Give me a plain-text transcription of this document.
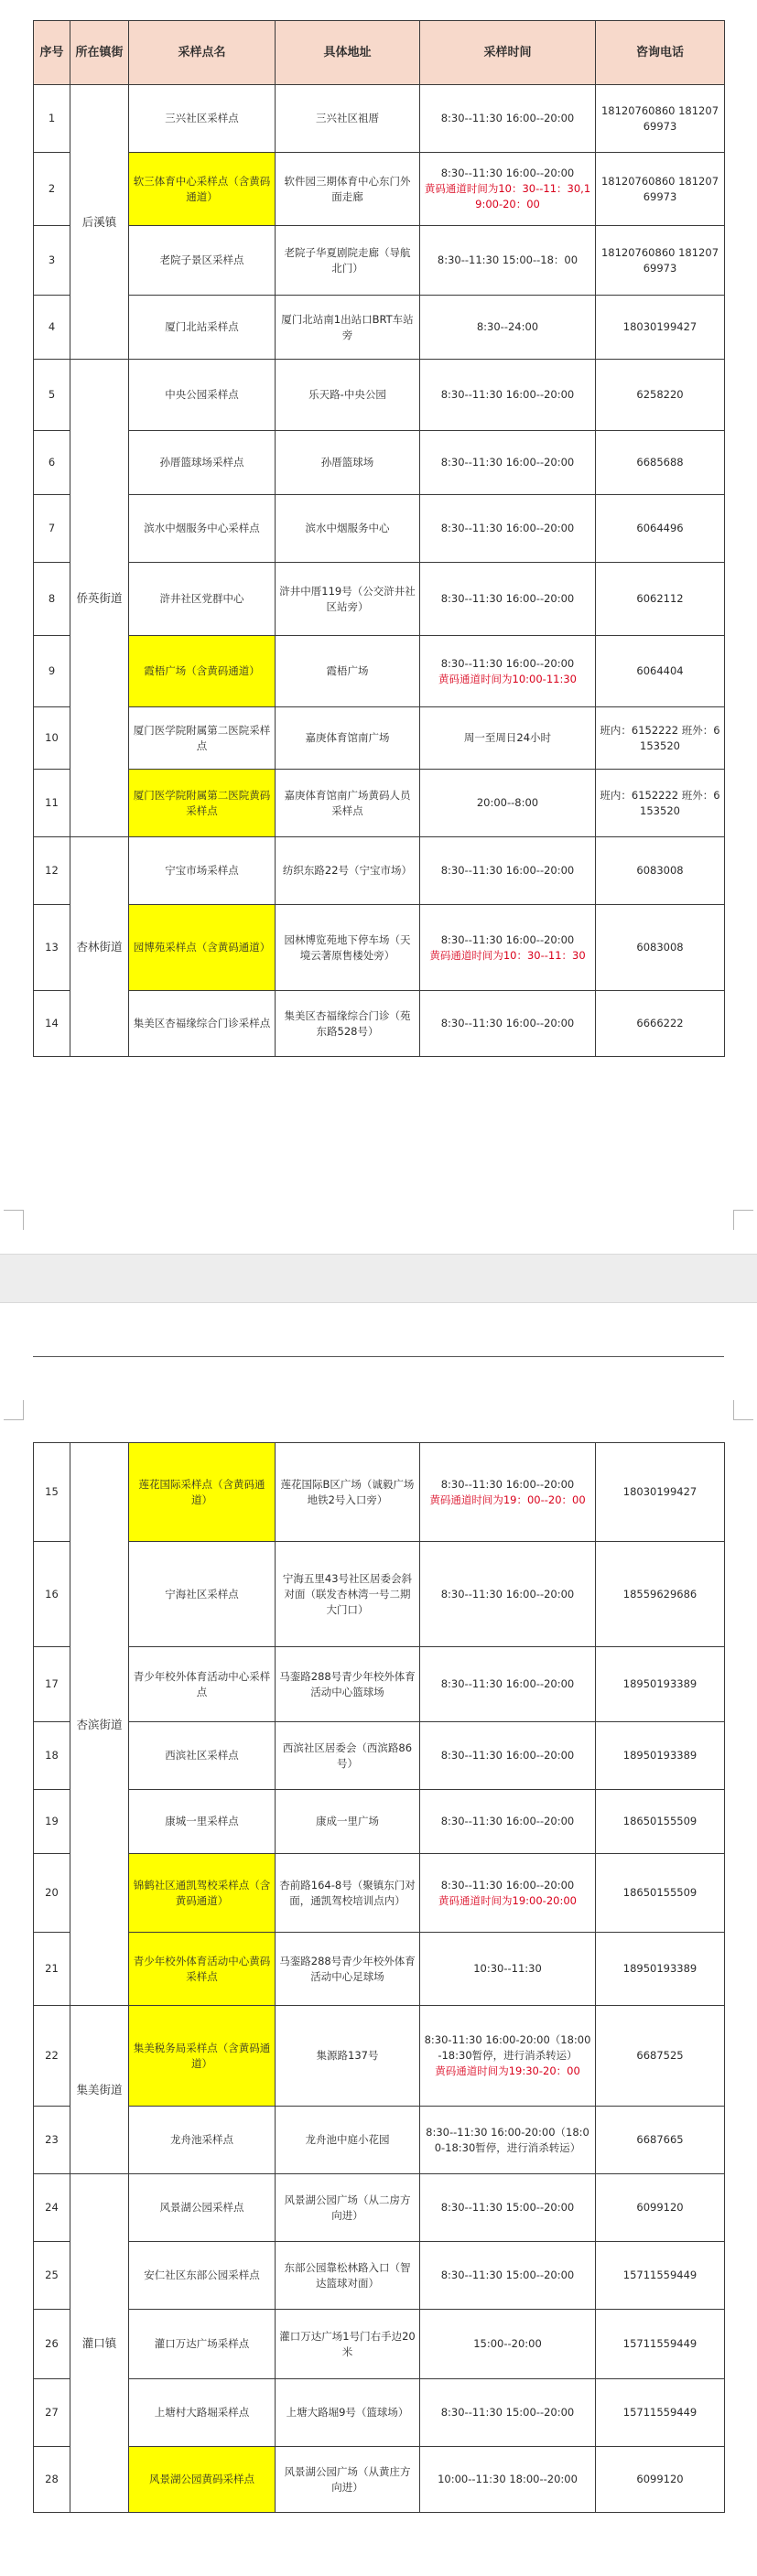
序号	所在镇街	采样点名	具体地址	采样时间	咨询电话
1	后溪镇	三兴社区采样点	三兴社区祖厝	8:30--11:30 16:00--20:00	18120760860 18120769973
2		软三体育中心采样点（含黄码通道）	软件园三期体育中心东门外面走廊	8:30--11:30 16:00--20:00
黄码通道时间为10：30--11：30,19:00-20：00	18120760860 18120769973
3		老院子景区采样点	老院子华夏剧院走廊（导航北门）	8:30--11:30 15:00--18：00	18120760860 18120769973
4		厦门北站采样点	厦门北站南1出站口BRT车站旁	8:30--24:00	18030199427
5	侨英街道	中央公园采样点	乐天路-中央公园	8:30--11:30 16:00--20:00	6258220
6		孙厝篮球场采样点	孙厝篮球场	8:30--11:30 16:00--20:00	6685688
7		滨水中烟服务中心采样点	滨水中烟服务中心	8:30--11:30 16:00--20:00	6064496
8		浒井社区党群中心	浒井中厝119号（公交浒井社区站旁）	8:30--11:30 16:00--20:00	6062112
9		霞梧广场（含黄码通道）	霞梧广场	8:30--11:30 16:00--20:00
黄码通道时间为10:00-11:30	6064404
10		厦门医学院附属第二医院采样点	嘉庚体育馆南广场	周一至周日24小时	班内：6152222 班外：6153520
11		厦门医学院附属第二医院黄码采样点	嘉庚体育馆南广场黄码人员采样点	20:00--8:00	班内：6152222 班外：6153520
12	杏林街道	宁宝市场采样点	纺织东路22号（宁宝市场）	8:30--11:30 16:00--20:00	6083008
13		园博苑采样点（含黄码通道）	园林博览苑地下停车场（天境云著原售楼处旁）	8:30--11:30 16:00--20:00
黄码通道时间为10：30--11：30	6083008
14		集美区杏福缘综合门诊采样点	集美区杏福缘综合门诊（苑东路528号）	8:30--11:30 16:00--20:00	6666222
15	杏滨街道	莲花国际采样点（含黄码通道）	莲花国际B区广场（诚毅广场地铁2号入口旁）	8:30--11:30 16:00--20:00
黄码通道时间为19：00--20：00	18030199427
16		宁海社区采样点	宁海五里43号社区居委会斜对面（联发杏林湾一号二期大门口）	8:30--11:30 16:00--20:00	18559629686
17		青少年校外体育活动中心采样点	马銮路288号青少年校外体育活动中心篮球场	8:30--11:30 16:00--20:00	18950193389
18		西滨社区采样点	西滨社区居委会（西滨路86号）	8:30--11:30 16:00--20:00	18950193389
19		康城一里采样点	康成一里广场	8:30--11:30 16:00--20:00	18650155509
20		锦鹤社区通凯驾校采样点（含黄码通道）	杏前路164-8号（聚镇东门对面，通凯驾校培训点内）	8:30--11:30 16:00--20:00
黄码通道时间为19:00-20:00	18650155509
21		青少年校外体育活动中心黄码采样点	马銮路288号青少年校外体育活动中心足球场	10:30--11:30	18950193389
22	集美街道	集美税务局采样点（含黄码通道）	集源路137号	8:30-11:30 16:00-20:00（18:00-18:30暂停，进行消杀转运）
黄码通道时间为19:30-20：00	6687525
23		龙舟池采样点	龙舟池中庭小花园	8:30--11:30 16:00-20:00（18:00-18:30暂停，进行消杀转运）	6687665
24	灌口镇	风景湖公园采样点	风景湖公园广场（从二房方向进）	8:30--11:30 15:00--20:00	6099120
25		安仁社区东部公园采样点	东部公园靠松林路入口（智达篮球对面）	8:30--11:30 15:00--20:00	15711559449
26		灌口万达广场采样点	灌口万达广场1号门右手边20米	15:00--20:00	15711559449
27		上塘村大路堀采样点	上塘大路堀9号（篮球场）	8:30--11:30 15:00--20:00	15711559449
28		风景湖公园黄码采样点	风景湖公园广场（从黄庄方向进）	10:00--11:30 18:00--20:00	6099120
